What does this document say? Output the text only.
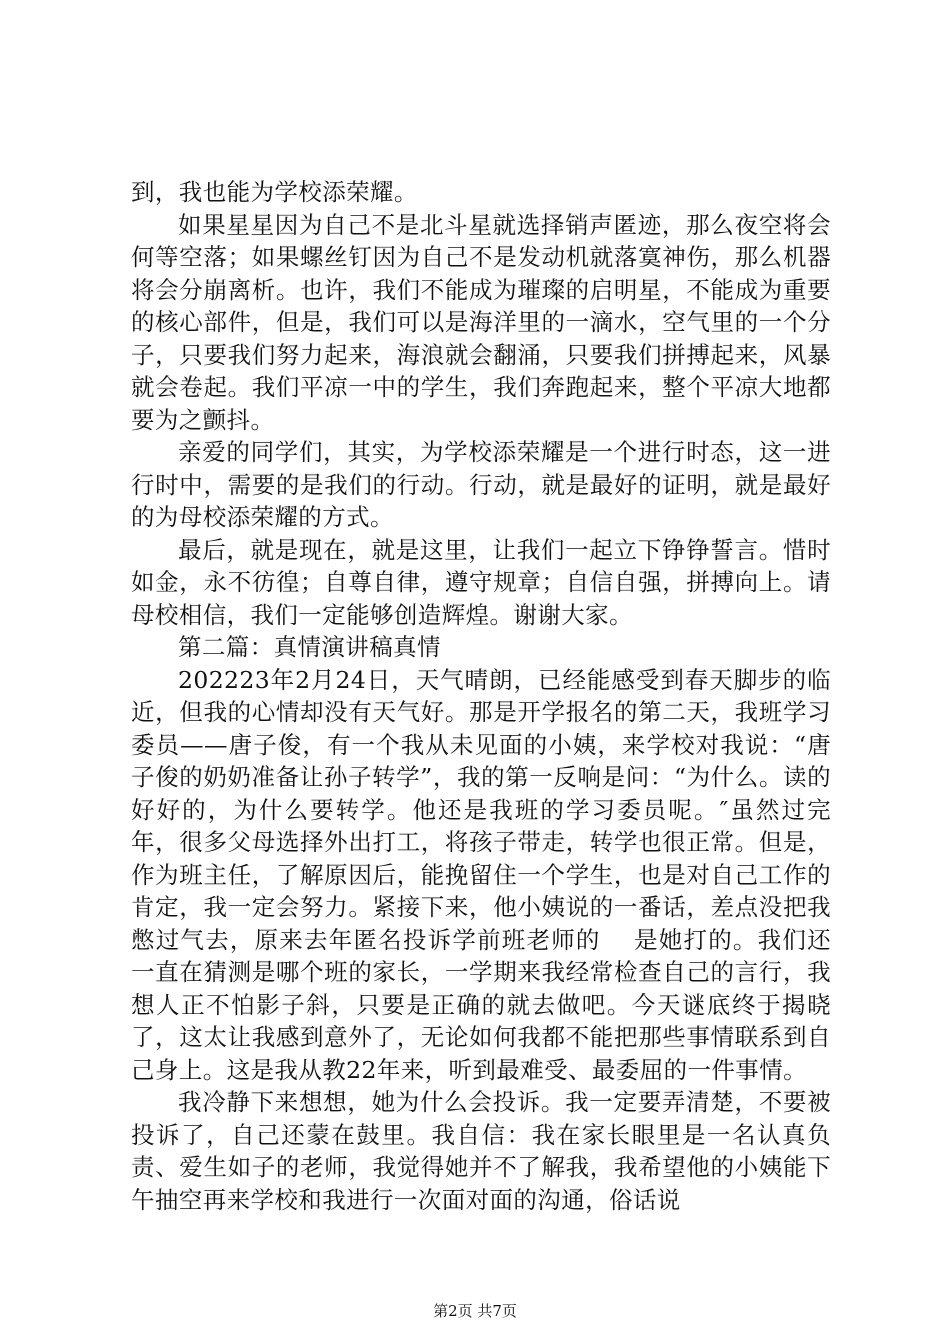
到，我也能为学校添荣耀。

如果星星因为自己不是北斗星就选择销声匿迹，那么夜空将会何等空落；如果螺丝钉因为自己不是发动机就落寞神伤，那么机器将会分崩离析。也许，我们不能成为璀璨的启明星，不能成为重要的核心部件，但是，我们可以是海洋里的一滴水，空气里的一个分子，只要我们努力起来，海浪就会翻涌，只要我们拼搏起来，风暴就会卷起。我们平凉一中的学生，我们奔跑起来，整个平凉大地都要为之颤抖。

亲爱的同学们，其实，为学校添荣耀是一个进行时态，这一进行时中，需要的是我们的行动。行动，就是最好的证明，就是最好的为母校添荣耀的方式。

最后，就是现在，就是这里，让我们一起立下铮铮誓言。惜时如金，永不彷徨；自尊自律，遵守规章；自信自强，拼搏向上。请母校相信，我们一定能够创造辉煌。谢谢大家。

第二篇：真情演讲稿真情

202223年2月24日，天气晴朗，已经能感受到春天脚步的临近，但我的心情却没有天气好。那是开学报名的第二天，我班学习委员——唐子俊，有一个我从未见面的小姨，来学校对我说：“唐子俊的奶奶准备让孙子转学”，我的第一反响是问：“为什么。读的好好的，为什么要转学。他还是我班的学习委员呢。″虽然过完年，很多父母选择外出打工，将孩子带走，转学也很正常。但是，作为班主任，了解原因后，能挽留住一个学生，也是对自己工作的肯定，我一定会努力。紧接下来，他小姨说的一番话，差点没把我憋过气去，原来去年匿名投诉学前班老师的　 是她打的。我们还一直在猜测是哪个班的家长，一学期来我经常检查自己的言行，我想人正不怕影子斜，只要是正确的就去做吧。今天谜底终于揭晓了，这太让我感到意外了，无论如何我都不能把那些事情联系到自己身上。这是我从教22年来，听到最难受、最委屈的一件事情。

我冷静下来想想，她为什么会投诉。我一定要弄清楚，不要被投诉了，自己还蒙在鼓里。我自信：我在家长眼里是一名认真负责、爱生如子的老师，我觉得她并不了解我，我希望他的小姨能下午抽空再来学校和我进行一次面对面的沟通，俗话说

第2页 共7页
